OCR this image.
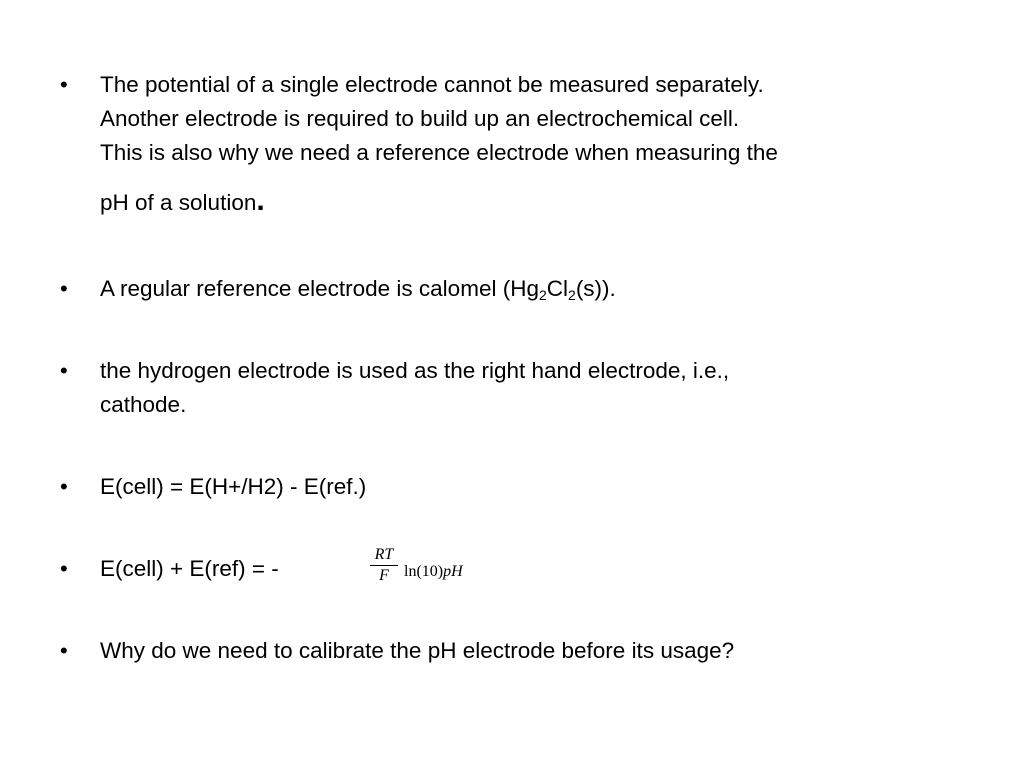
• The potential of a single electrode cannot be measured separately.
Another electrode is required to build up an electrochemical cell.
This is also why we need a reference electrode when measuring the
pH of a solution.
• A regular reference electrode is calomel $(Hg_2Cl_2(s))$.
• the hydrogen electrode is used as the right hand electrode, i.e.,
cathode.
• E(cell) = E(H+/H2) - E(ref.)
• E(cell) + E(ref) = -
RT
F ln(10)pH
• Why do we need to calibrate the pH electrode before its usage?
